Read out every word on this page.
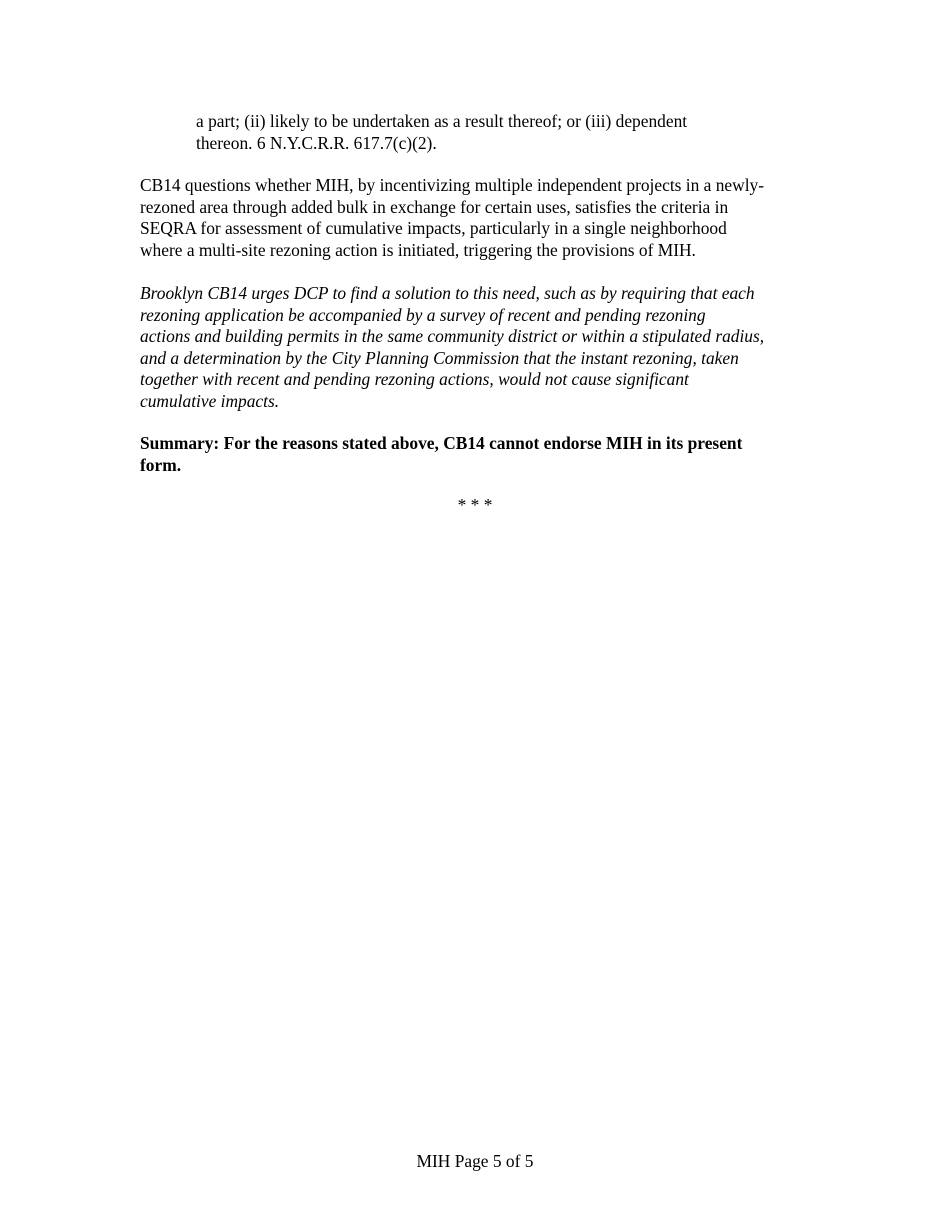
a part; (ii) likely to be undertaken as a result thereof; or (iii) dependent
thereon. 6 N.Y.C.R.R. 617.7(c)(2).

CB14 questions whether MIH, by incentivizing multiple independent projects in a newly-
rezoned area through added bulk in exchange for certain uses, satisfies the criteria in
SEQRA for assessment of cumulative impacts, particularly in a single neighborhood
where a multi-site rezoning action is initiated, triggering the provisions of MIH.

Brooklyn CB14 urges DCP to find a solution to this need, such as by requiring that each
rezoning application be accompanied by a survey of recent and pending rezoning
actions and building permits in the same community district or within a stipulated radius,
and a determination by the City Planning Commission that the instant rezoning, taken
together with recent and pending rezoning actions, would not cause significant
cumulative impacts.

Summary: For the reasons stated above, CB14 cannot endorse MIH in its present
form.

* * *
MIH Page 5 of 5
